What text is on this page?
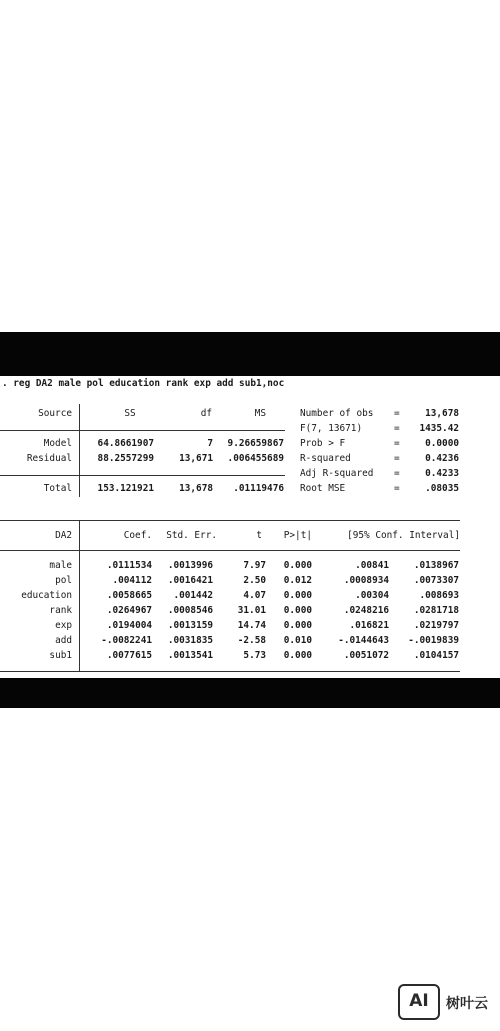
. reg DA2 male pol education rank exp add sub1,noc
Source	SS	df	MS
Model	64.8661907	7	9.26659867
Residual	88.2557299	13,671	.006455689
Total	153.121921	13,678	.01119476
Number of obs =	13,678
F(7, 13671)	=	1435.42
Prob > F	=	0.0000
R-squared	=	0.4236
Adj R-squared =	0.4233
Root MSE	=	.08035
DA2	Coef.	Std. Err.	t	P>|t|	[95% Conf. Interval]
male	.0111534	.0013996	7.97	0.000	.00841	.0138967
pol	.004112	.0016421	2.50	0.012	.0008934	.0073307
education	.0058665	.001442	4.07	0.000	.00304	.008693
rank	.0264967	.0008546	31.01	0.000	.0248216	.0281718
exp	.0194004	.0013159	14.74	0.000	.016821	.0219797
add	-.0082241	.0031835	-2.58	0.010	-.0144643	-.0019839
sub1	.0077615	.0013541	5.73	0.000	.0051072	.0104157
AI	树叶云
